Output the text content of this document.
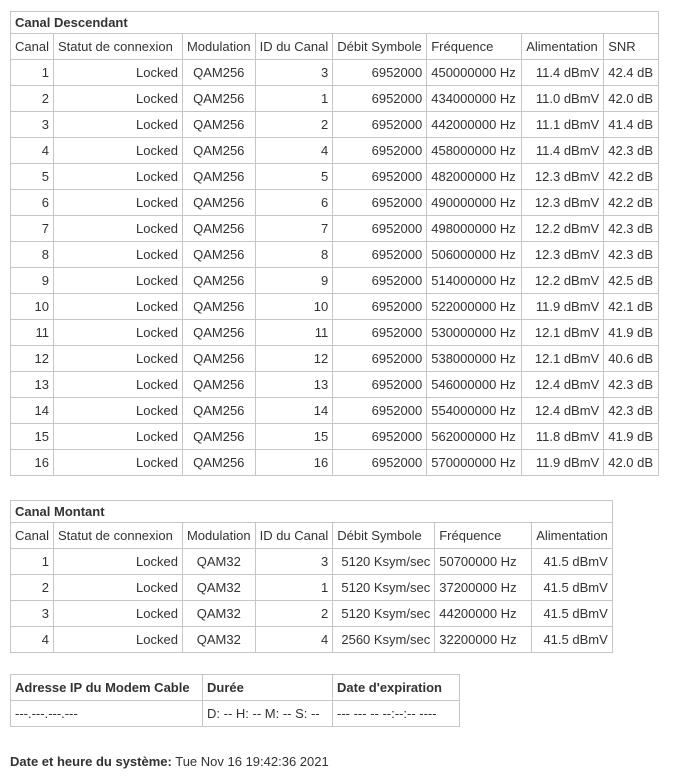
Canal Descendant							
Canal	Statut de connexion	Modulation	ID du Canal	Débit Symbole	Fréquence	Alimentation	SNR
1	Locked	QAM256	3	6952000	450000000 Hz	11.4 dBmV	42.4 dB
2	Locked	QAM256	1	6952000	434000000 Hz	11.0 dBmV	42.0 dB
3	Locked	QAM256	2	6952000	442000000 Hz	11.1 dBmV	41.4 dB
4	Locked	QAM256	4	6952000	458000000 Hz	11.4 dBmV	42.3 dB
5	Locked	QAM256	5	6952000	482000000 Hz	12.3 dBmV	42.2 dB
6	Locked	QAM256	6	6952000	490000000 Hz	12.3 dBmV	42.2 dB
7	Locked	QAM256	7	6952000	498000000 Hz	12.2 dBmV	42.3 dB
8	Locked	QAM256	8	6952000	506000000 Hz	12.3 dBmV	42.3 dB
9	Locked	QAM256	9	6952000	514000000 Hz	12.2 dBmV	42.5 dB
10	Locked	QAM256	10	6952000	522000000 Hz	11.9 dBmV	42.1 dB
11	Locked	QAM256	11	6952000	530000000 Hz	12.1 dBmV	41.9 dB
12	Locked	QAM256	12	6952000	538000000 Hz	12.1 dBmV	40.6 dB
13	Locked	QAM256	13	6952000	546000000 Hz	12.4 dBmV	42.3 dB
14	Locked	QAM256	14	6952000	554000000 Hz	12.4 dBmV	42.3 dB
15	Locked	QAM256	15	6952000	562000000 Hz	11.8 dBmV	41.9 dB
16	Locked	QAM256	16	6952000	570000000 Hz	11.9 dBmV	42.0 dB
Canal Montant						
Canal	Statut de connexion	Modulation	ID du Canal	Débit Symbole	Fréquence	Alimentation
1	Locked	QAM32	3	5120 Ksym/sec	50700000 Hz	41.5 dBmV
2	Locked	QAM32	1	5120 Ksym/sec	37200000 Hz	41.5 dBmV
3	Locked	QAM32	2	5120 Ksym/sec	44200000 Hz	41.5 dBmV
4	Locked	QAM32	4	2560 Ksym/sec	32200000 Hz	41.5 dBmV
Adresse IP du Modem Cable	Durée	Date d'expiration
---.---.---.---	D: -- H: -- M: -- S: --	--- --- -- --:--:-- ----
Date et heure du système: Tue Nov 16 19:42:36 2021
